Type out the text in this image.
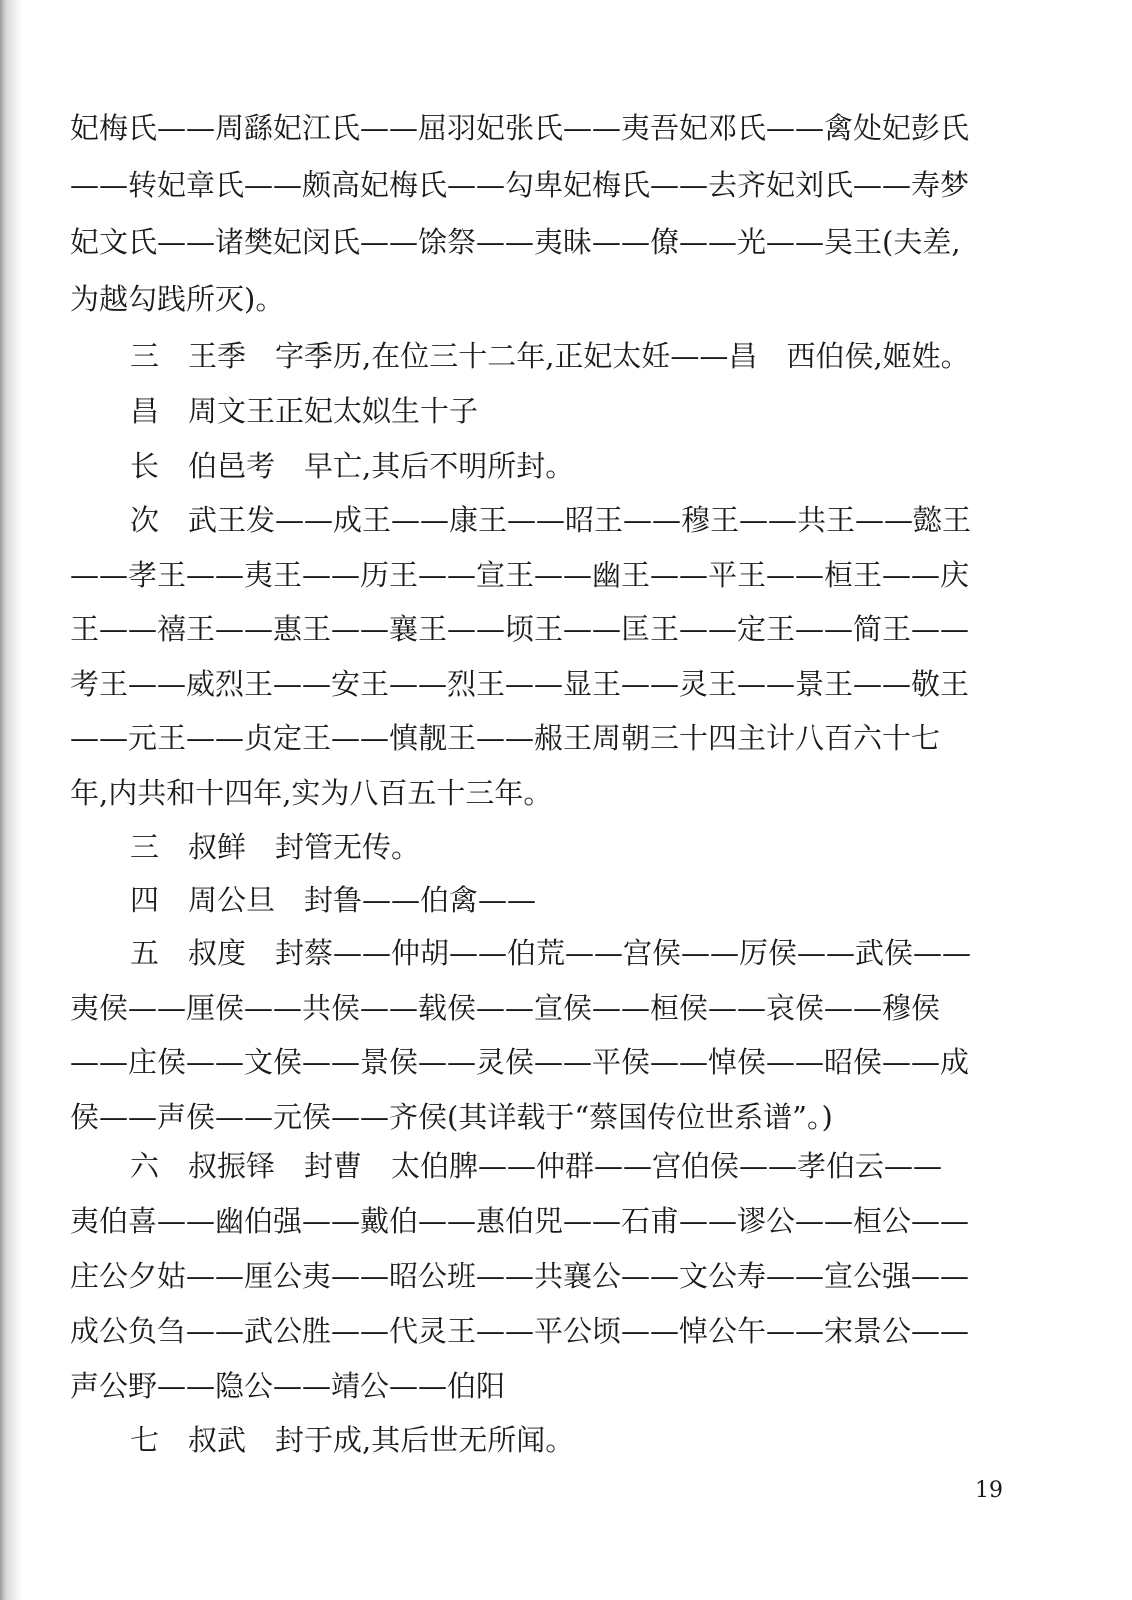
妃梅氏——周繇妃江氏——屈羽妃张氏——夷吾妃邓氏——禽处妃彭氏
——转妃章氏——颇高妃梅氏——勾卑妃梅氏——去齐妃刘氏——寿梦
妃文氏——诸樊妃闵氏——馀祭——夷昧——僚——光——吴王(夫差,
为越勾践所灭)。
三　王季　字季历,在位三十二年,正妃太妊——昌　西伯侯,姬姓。
昌　周文王正妃太姒生十子
长　伯邑考　早亡,其后不明所封。
次　武王发——成王——康王——昭王——穆王——共王——懿王
——孝王——夷王——历王——宣王——幽王——平王——桓王——庆
王——禧王——惠王——襄王——顷王——匡王——定王——简王——
考王——威烈王——安王——烈王——显王——灵王——景王——敬王
——元王——贞定王——慎靓王——赧王周朝三十四主计八百六十七
年,内共和十四年,实为八百五十三年。
三　叔鲜　封管无传。
四　周公旦　封鲁——伯禽——
五　叔度　封蔡——仲胡——伯荒——宫侯——厉侯——武侯——
夷侯——厘侯——共侯——载侯——宣侯——桓侯——哀侯——穆侯
——庄侯——文侯——景侯——灵侯——平侯——悼侯——昭侯——成
侯——声侯——元侯——齐侯(其详载于“蔡国传位世系谱”。)
六　叔振铎　封曹　太伯脾——仲群——宫伯侯——孝伯云——
夷伯喜——幽伯强——戴伯——惠伯兕——石甫——谬公——桓公——
庄公夕姑——厘公夷——昭公班——共襄公——文公寿——宣公强——
成公负刍——武公胜——代灵王——平公顷——悼公午——宋景公——
声公野——隐公——靖公——伯阳
七　叔武　封于成,其后世无所闻。
19
